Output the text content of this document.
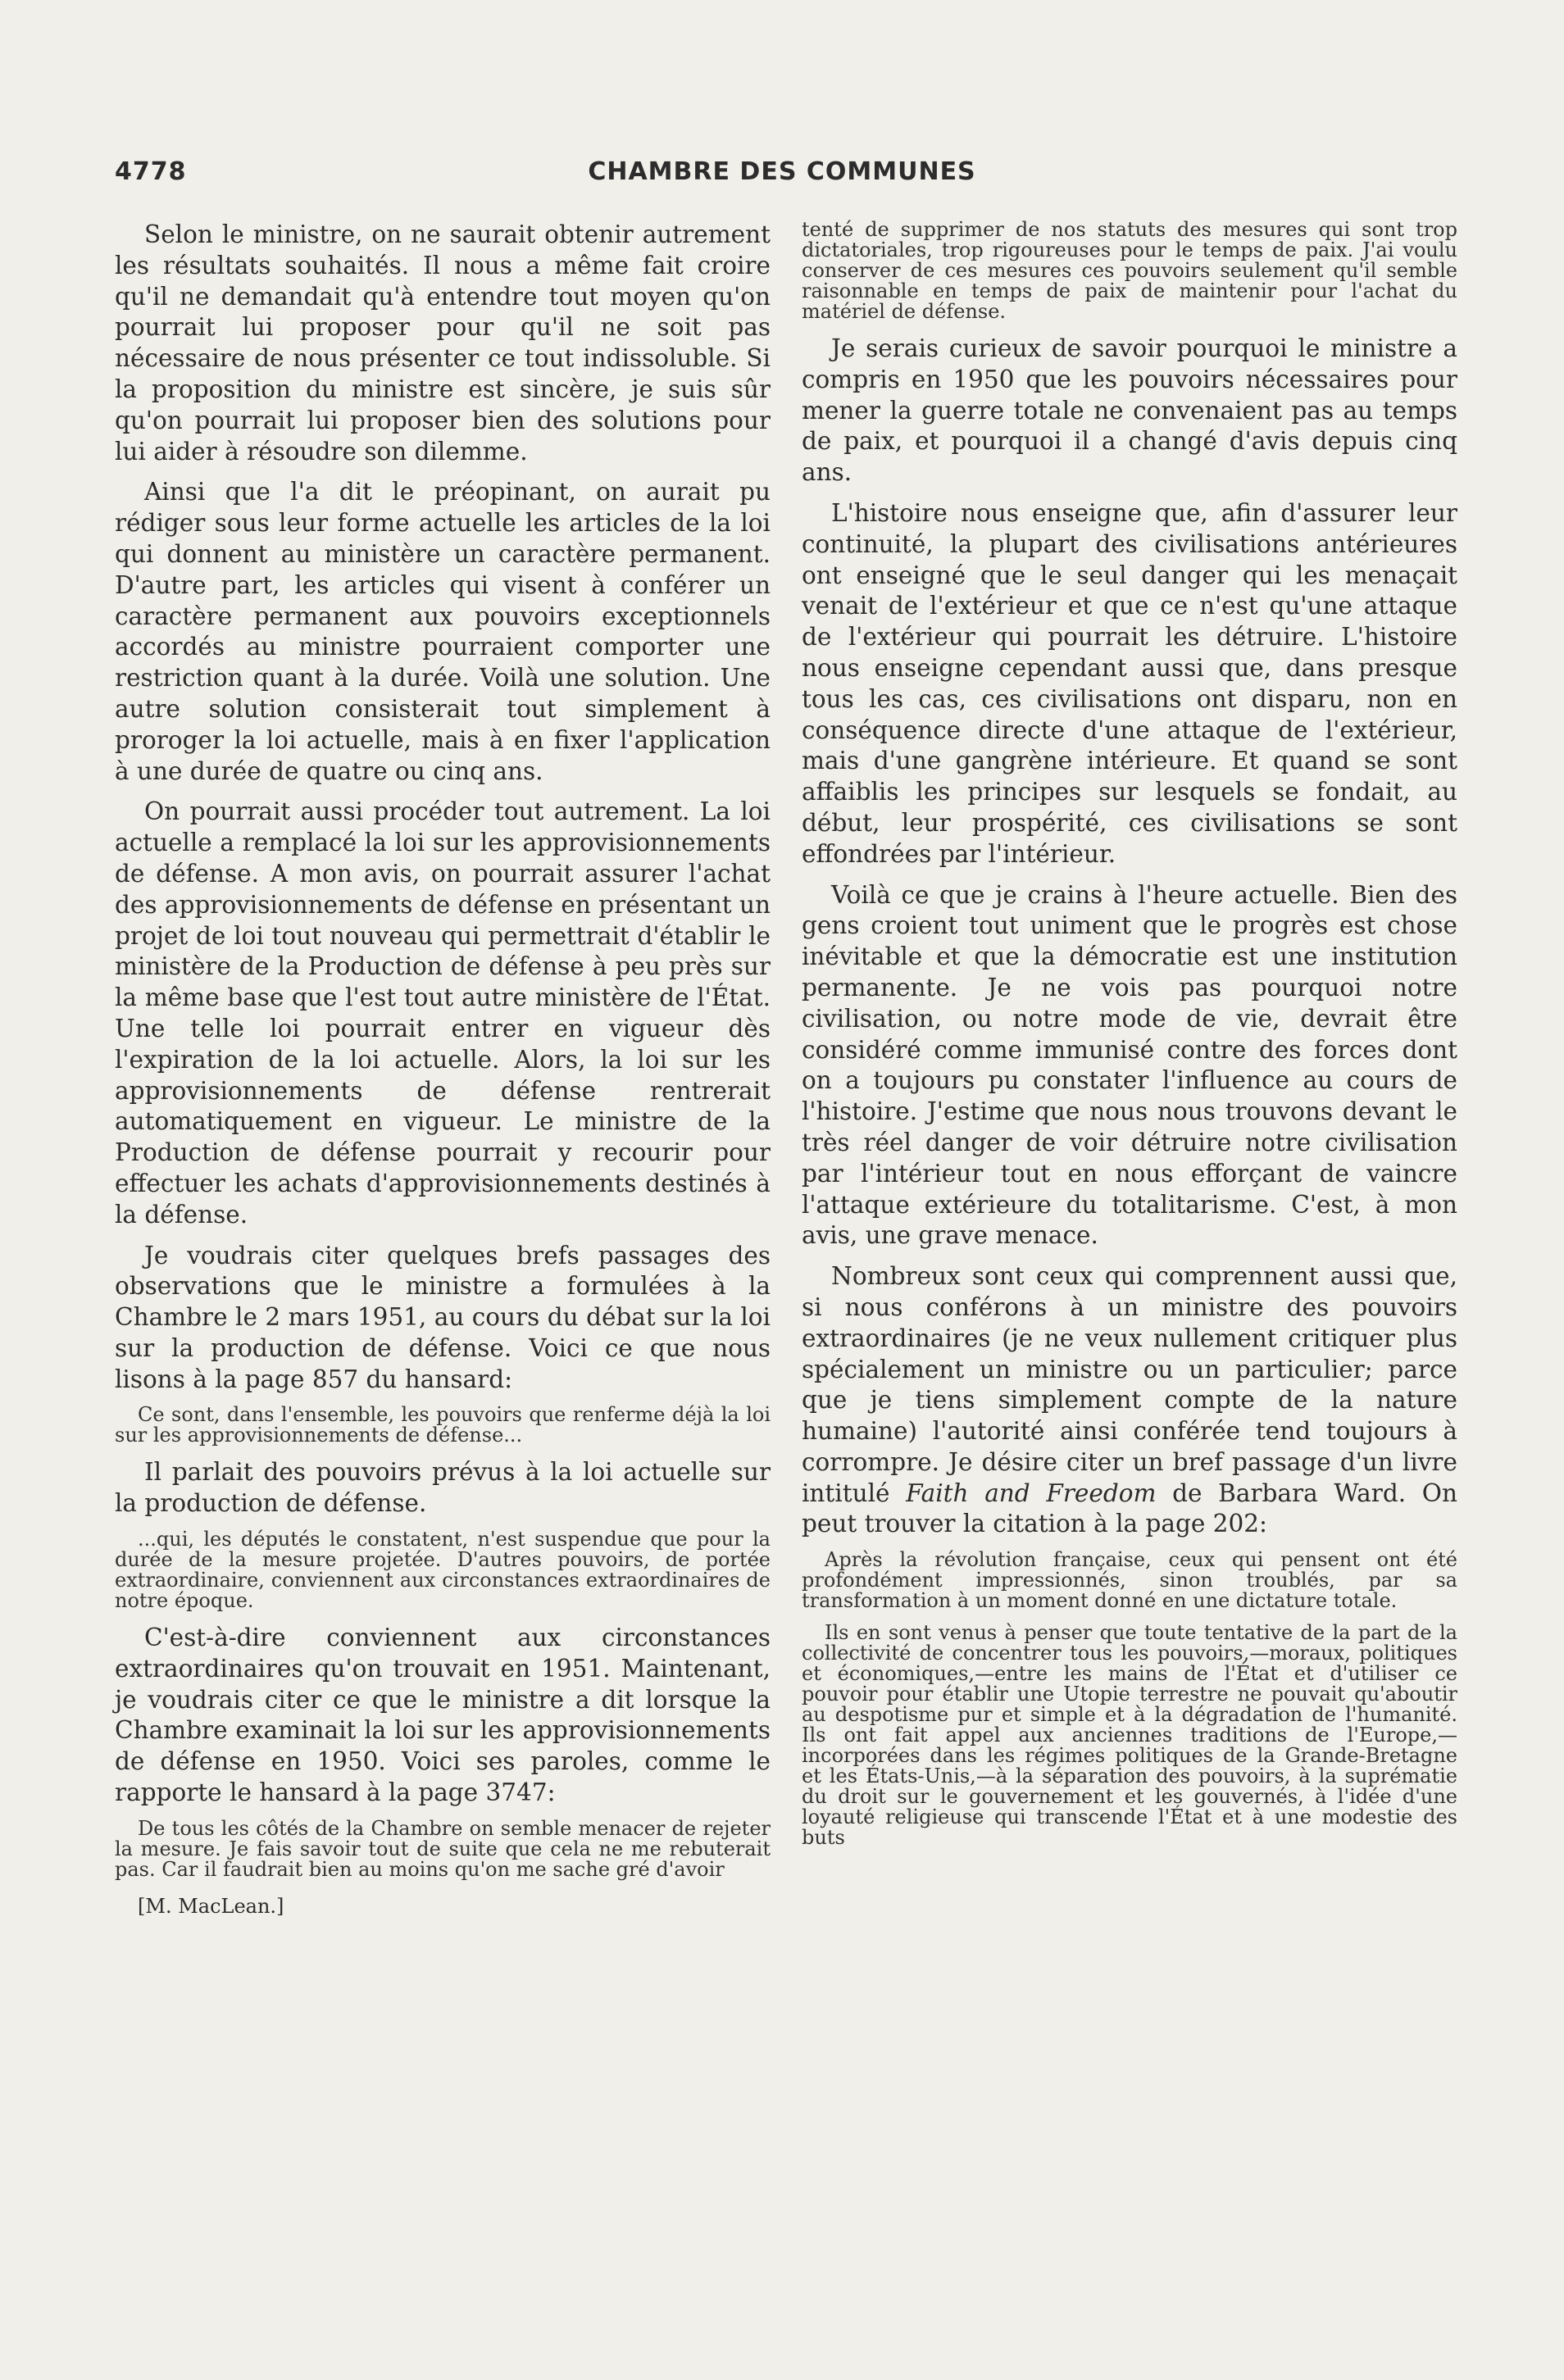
4778	CHAMBRE DES COMMUNES

Selon le ministre, on ne saurait obtenir autrement les résultats souhaités. Il nous a même fait croire qu'il ne demandait qu'à entendre tout moyen qu'on pourrait lui proposer pour qu'il ne soit pas nécessaire de nous présenter ce tout indissoluble. Si la proposition du ministre est sincère, je suis sûr qu'on pourrait lui proposer bien des solutions pour lui aider à résoudre son dilemme.

Ainsi que l'a dit le préopinant, on aurait pu rédiger sous leur forme actuelle les articles de la loi qui donnent au ministère un caractère permanent. D'autre part, les articles qui visent à conférer un caractère permanent aux pouvoirs exceptionnels accordés au ministre pourraient comporter une restriction quant à la durée. Voilà une solution. Une autre solution consisterait tout simplement à proroger la loi actuelle, mais à en fixer l'application à une durée de quatre ou cinq ans.

On pourrait aussi procéder tout autrement. La loi actuelle a remplacé la loi sur les approvisionnements de défense. A mon avis, on pourrait assurer l'achat des approvisionnements de défense en présentant un projet de loi tout nouveau qui permettrait d'établir le ministère de la Production de défense à peu près sur la même base que l'est tout autre ministère de l'État. Une telle loi pourrait entrer en vigueur dès l'expiration de la loi actuelle. Alors, la loi sur les approvisionnements de défense rentrerait automatiquement en vigueur. Le ministre de la Production de défense pourrait y recourir pour effectuer les achats d'approvisionnements destinés à la défense.

Je voudrais citer quelques brefs passages des observations que le ministre a formulées à la Chambre le 2 mars 1951, au cours du débat sur la loi sur la production de défense. Voici ce que nous lisons à la page 857 du hansard:

Ce sont, dans l'ensemble, les pouvoirs que renferme déjà la loi sur les approvisionnements de défense...

Il parlait des pouvoirs prévus à la loi actuelle sur la production de défense.

...qui, les députés le constatent, n'est suspendue que pour la durée de la mesure projetée. D'autres pouvoirs, de portée extraordinaire, conviennent aux circonstances extraordinaires de notre époque.

C'est-à-dire conviennent aux circonstances extraordinaires qu'on trouvait en 1951. Maintenant, je voudrais citer ce que le ministre a dit lorsque la Chambre examinait la loi sur les approvisionnements de défense en 1950. Voici ses paroles, comme le rapporte le hansard à la page 3747:

De tous les côtés de la Chambre on semble menacer de rejeter la mesure. Je fais savoir tout de suite que cela ne me rebuterait pas. Car il faudrait bien au moins qu'on me sache gré d'avoir

[M. MacLean.]

tenté de supprimer de nos statuts des mesures qui sont trop dictatoriales, trop rigoureuses pour le temps de paix. J'ai voulu conserver de ces mesures ces pouvoirs seulement qu'il semble raisonnable en temps de paix de maintenir pour l'achat du matériel de défense.

Je serais curieux de savoir pourquoi le ministre a compris en 1950 que les pouvoirs nécessaires pour mener la guerre totale ne convenaient pas au temps de paix, et pourquoi il a changé d'avis depuis cinq ans.

L'histoire nous enseigne que, afin d'assurer leur continuité, la plupart des civilisations antérieures ont enseigné que le seul danger qui les menaçait venait de l'extérieur et que ce n'est qu'une attaque de l'extérieur qui pourrait les détruire. L'histoire nous enseigne cependant aussi que, dans presque tous les cas, ces civilisations ont disparu, non en conséquence directe d'une attaque de l'extérieur, mais d'une gangrène intérieure. Et quand se sont affaiblis les principes sur lesquels se fondait, au début, leur prospérité, ces civilisations se sont effondrées par l'intérieur.

Voilà ce que je crains à l'heure actuelle. Bien des gens croient tout uniment que le progrès est chose inévitable et que la démocratie est une institution permanente. Je ne vois pas pourquoi notre civilisation, ou notre mode de vie, devrait être considéré comme immunisé contre des forces dont on a toujours pu constater l'influence au cours de l'histoire. J'estime que nous nous trouvons devant le très réel danger de voir détruire notre civilisation par l'intérieur tout en nous efforçant de vaincre l'attaque extérieure du totalitarisme. C'est, à mon avis, une grave menace.

Nombreux sont ceux qui comprennent aussi que, si nous conférons à un ministre des pouvoirs extraordinaires (je ne veux nullement critiquer plus spécialement un ministre ou un particulier; parce que je tiens simplement compte de la nature humaine) l'autorité ainsi conférée tend toujours à corrompre. Je désire citer un bref passage d'un livre intitulé Faith and Freedom de Barbara Ward. On peut trouver la citation à la page 202:

Après la révolution française, ceux qui pensent ont été profondément impressionnés, sinon troublés, par sa transformation à un moment donné en une dictature totale.

Ils en sont venus à penser que toute tentative de la part de la collectivité de concentrer tous les pouvoirs,—moraux, politiques et économiques,—entre les mains de l'État et d'utiliser ce pouvoir pour établir une Utopie terrestre ne pouvait qu'aboutir au despotisme pur et simple et à la dégradation de l'humanité. Ils ont fait appel aux anciennes traditions de l'Europe,—incorporées dans les régimes politiques de la Grande-Bretagne et les États-Unis,—à la séparation des pouvoirs, à la suprématie du droit sur le gouvernement et les gouvernés, à l'idée d'une loyauté religieuse qui transcende l'État et à une modestie des buts
